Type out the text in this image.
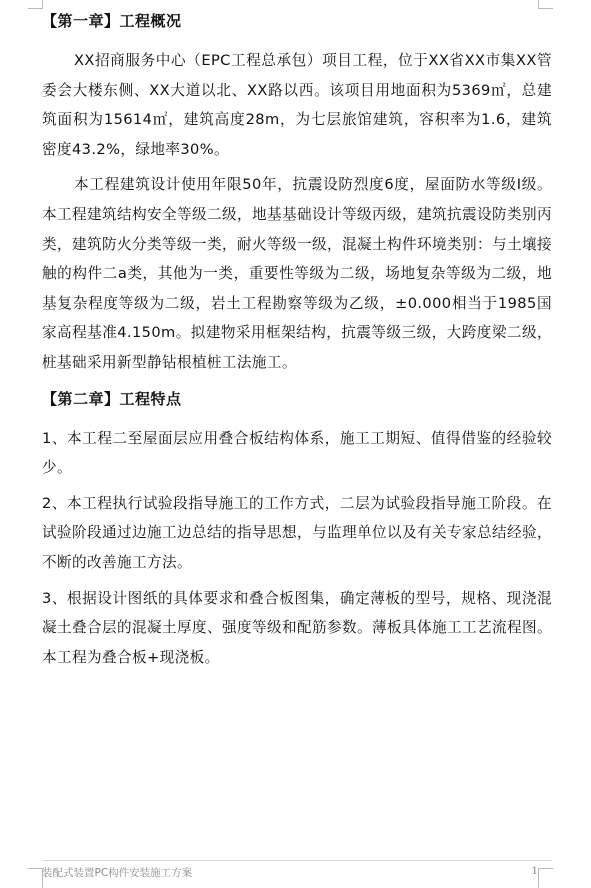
【第一章】工程概况

XX招商服务中心（EPC工程总承包）项目工程，位于XX省XX市集XX管委会大楼东侧、XX大道以北、XX路以西。该项目用地面积为5369㎡，总建筑面积为15614㎡，建筑高度28m，为七层旅馆建筑，容积率为1.6，建筑密度43.2%，绿地率30%。

本工程建筑设计使用年限50年，抗震设防烈度6度，屋面防水等级Ⅰ级。本工程建筑结构安全等级二级，地基基础设计等级丙级，建筑抗震设防类别丙类，建筑防火分类等级一类，耐火等级一级，混凝土构件环境类别：与土壤接触的构件二a类，其他为一类，重要性等级为二级，场地复杂等级为二级，地基复杂程度等级为二级，岩土工程勘察等级为乙级，±0.000相当于1985国家高程基准4.150m。拟建物采用框架结构，抗震等级三级，大跨度梁二级，桩基础采用新型静钻根植桩工法施工。

【第二章】工程特点

1、本工程二至屋面层应用叠合板结构体系，施工工期短、值得借鉴的经验较少。

2、本工程执行试验段指导施工的工作方式，二层为试验段指导施工阶段。在试验阶段通过边施工边总结的指导思想，与监理单位以及有关专家总结经验，不断的改善施工方法。

3、根据设计图纸的具体要求和叠合板图集，确定薄板的型号，规格、现浇混凝土叠合层的混凝土厚度、强度等级和配筋参数。薄板具体施工工艺流程图。本工程为叠合板+现浇板。

装配式装置PC构件安装施工方案	1
